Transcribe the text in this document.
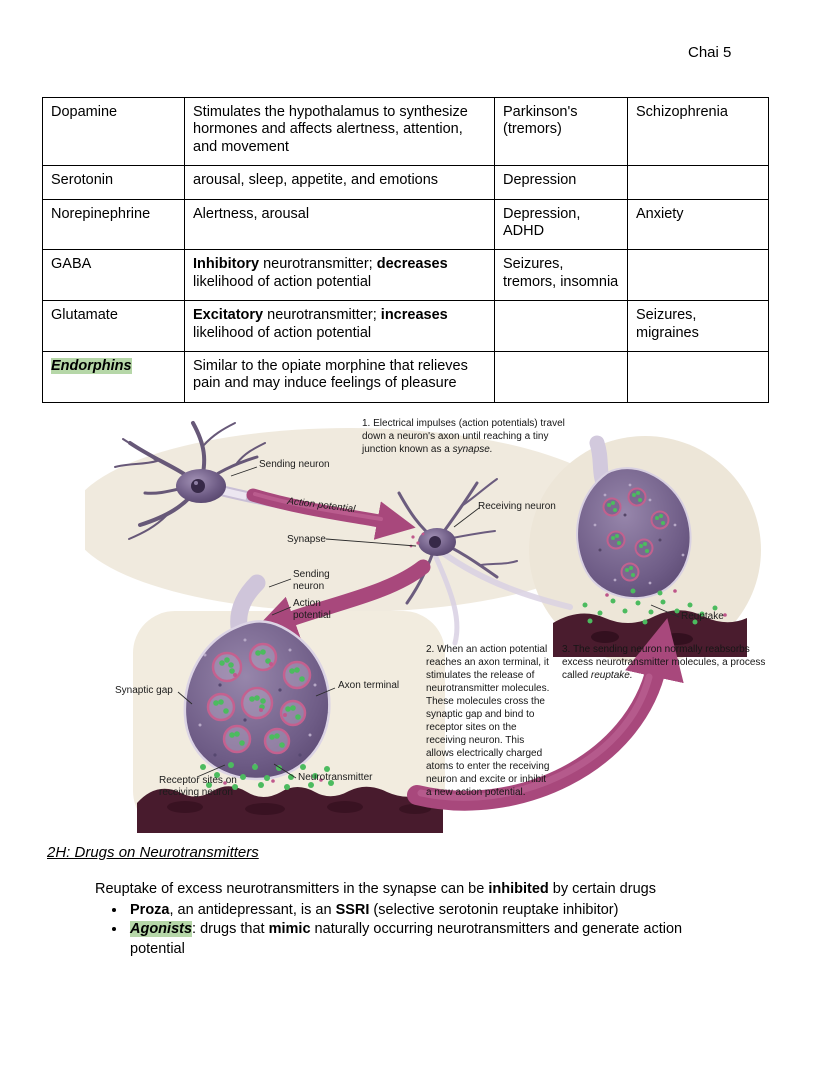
Chai 5
Dopamine	Stimulates the hypothalamus to synthesize hormones and affects alertness, attention, and movement	Parkinson's (tremors)	Schizophrenia
Serotonin	arousal, sleep, appetite, and emotions	Depression	
Norepinephrine	Alertness, arousal	Depression, ADHD	Anxiety
GABA	Inhibitory neurotransmitter; decreases likelihood of action potential	Seizures, tremors, insomnia	
Glutamate	Excitatory neurotransmitter; increases likelihood of action potential		Seizures, migraines
Endorphins	Similar to the opiate morphine that relieves pain and may induce feelings of pleasure		
1. Electrical impulses (action potentials) travel down a neuron's axon until reaching a tiny junction known as a synapse.
Sending neuron
Action potential	Receiving neuron
Synapse
Sending neuron
Action potential
Synaptic gap	Axon terminal
Receptor sites on receiving neuron
Neurotransmitter
Reuptake
2. When an action potential reaches an axon terminal, it stimulates the release of neurotransmitter molecules. These molecules cross the synaptic gap and bind to receptor sites on the receiving neuron. This allows electrically charged atoms to enter the receiving neuron and excite or inhibit a new action potential.
3. The sending neuron normally reabsorbs excess neurotransmitter molecules, a process called reuptake.
2H: Drugs on Neurotransmitters

Reuptake of excess neurotransmitters in the synapse can be inhibited by certain drugs

• Proza, an antidepressant, is an SSRI (selective serotonin reuptake inhibitor)
• Agonists: drugs that mimic naturally occurring neurotransmitters and generate action potential
